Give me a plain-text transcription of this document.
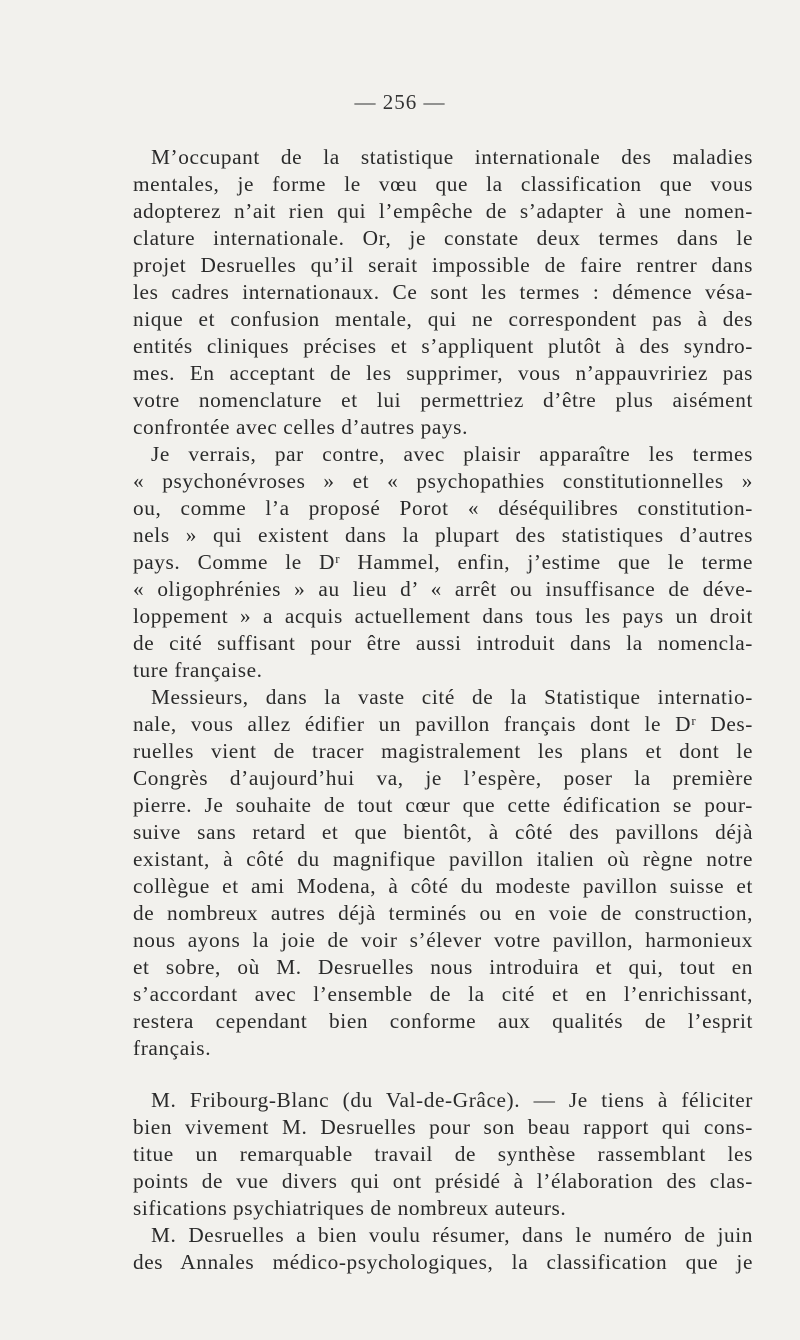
— 256 —
M’occupant de la statistique internationale des maladies
mentales, je forme le vœu que la classification que vous
adopterez n’ait rien qui l’empêche de s’adapter à une nomen-
clature internationale. Or, je constate deux termes dans le
projet Desruelles qu’il serait impossible de faire rentrer dans
les cadres internationaux. Ce sont les termes : démence vésa-
nique et confusion mentale, qui ne correspondent pas à des
entités cliniques précises et s’appliquent plutôt à des syndro-
mes. En acceptant de les supprimer, vous n’appauvririez pas
votre nomenclature et lui permettriez d’être plus aisément
confrontée avec celles d’autres pays.
Je verrais, par contre, avec plaisir apparaître les termes
« psychonévroses » et « psychopathies constitutionnelles »
ou, comme l’a proposé Porot « déséquilibres constitution-
nels » qui existent dans la plupart des statistiques d’autres
pays. Comme le Dʳ Hammel, enfin, j’estime que le terme
« oligophrénies » au lieu d’ « arrêt ou insuffisance de déve-
loppement » a acquis actuellement dans tous les pays un droit
de cité suffisant pour être aussi introduit dans la nomencla-
ture française.
Messieurs, dans la vaste cité de la Statistique internatio-
nale, vous allez édifier un pavillon français dont le Dʳ Des-
ruelles vient de tracer magistralement les plans et dont le
Congrès d’aujourd’hui va, je l’espère, poser la première
pierre. Je souhaite de tout cœur que cette édification se pour-
suive sans retard et que bientôt, à côté des pavillons déjà
existant, à côté du magnifique pavillon italien où règne notre
collègue et ami Modena, à côté du modeste pavillon suisse et
de nombreux autres déjà terminés ou en voie de construction,
nous ayons la joie de voir s’élever votre pavillon, harmonieux
et sobre, où M. Desruelles nous introduira et qui, tout en
s’accordant avec l’ensemble de la cité et en l’enrichissant,
restera cependant bien conforme aux qualités de l’esprit
français.
M. Fribourg-Blanc (du Val-de-Grâce). — Je tiens à féliciter
bien vivement M. Desruelles pour son beau rapport qui cons-
titue un remarquable travail de synthèse rassemblant les
points de vue divers qui ont présidé à l’élaboration des clas-
sifications psychiatriques de nombreux auteurs.
M. Desruelles a bien voulu résumer, dans le numéro de juin
des Annales médico-psychologiques, la classification que je
